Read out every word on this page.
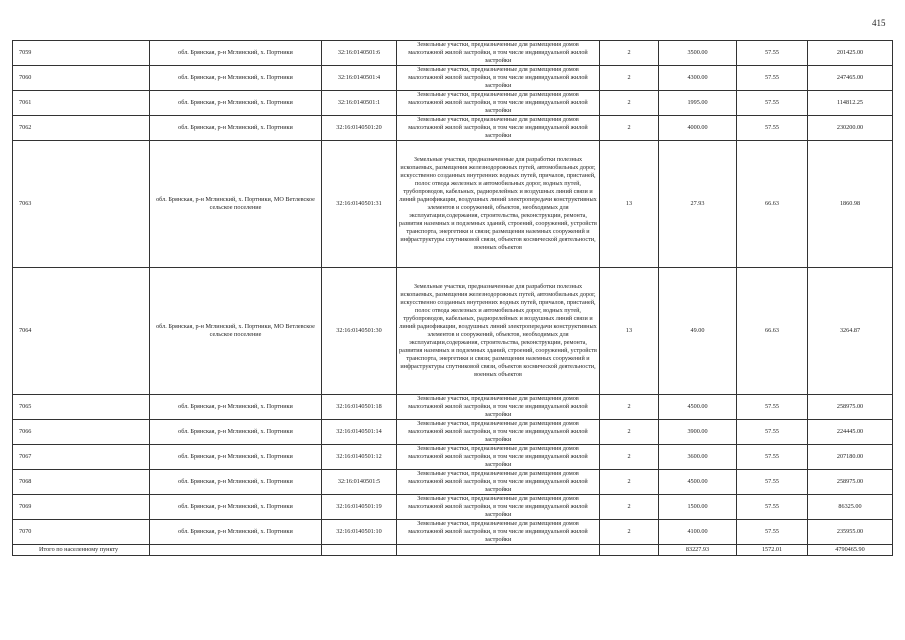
415
7059	обл. Брянская, р-н Мглинский, х. Портники	32:16:0140501:6	Земельные участки, предназначенные для размещения домов малоэтажной жилой застройки, в том числе индивидуальной жилой застройки	2	3500.00	57.55	201425.00
7060	обл. Брянская, р-н Мглинский, х. Портники	32:16:0140501:4	Земельные участки, предназначенные для размещения домов малоэтажной жилой застройки, в том числе индивидуальной жилой застройки	2	4300.00	57.55	247465.00
7061	обл. Брянская, р-н Мглинский, х. Портники	32:16:0140501:1	Земельные участки, предназначенные для размещения домов малоэтажной жилой застройки, в том числе индивидуальной жилой застройки	2	1995.00	57.55	114812.25
7062	обл. Брянская, р-н Мглинский, х. Портники	32:16:0140501:20	Земельные участки, предназначенные для размещения домов малоэтажной жилой застройки, в том числе индивидуальной жилой застройки	2	4000.00	57.55	230200.00
7063	обл. Брянская, р-н Мглинский, х. Портники, МО Ветлевское сельское поселение	32:16:0140501:31	Земельные участки, предназначенные для разработки полезных ископаемых, размещения железнодорожных путей, автомобильных дорог, искусственно созданных внутренних водных путей, причалов, пристаней, полос отвода железных и автомобильных дорог, водных путей, трубопроводов, кабельных, радиорелейных и воздушных линий связи и линий радиофикации, воздушных линий электропередачи конструктивных элементов и сооружений, объектов, необходимых для эксплуатации,содержания, строительства, реконструкции, ремонта, развития наземных и подземных зданий, строений, сооружений, устройств транспорта, энергетики и связи; размещения наземных сооружений и инфраструктуры спутниковой связи, объектов космической деятельности, военных объектов	13	27.93	66.63	1860.98
7064	обл. Брянская, р-н Мглинский, х. Портники, МО Ветлевское сельское поселение	32:16:0140501:30	Земельные участки, предназначенные для разработки полезных ископаемых, размещения железнодорожных путей, автомобильных дорог, искусственно созданных внутренних водных путей, причалов, пристаней, полос отвода железных и автомобильных дорог, водных путей, трубопроводов, кабельных, радиорелейных и воздушных линий связи и линий радиофикации, воздушных линий электропередачи конструктивных элементов и сооружений, объектов, необходимых для эксплуатации,содержания, строительства, реконструкции, ремонта, развития наземных и подземных зданий, строений, сооружений, устройств транспорта, энергетики и связи; размещения наземных сооружений и инфраструктуры спутниковой связи, объектов космической деятельности, военных объектов	13	49.00	66.63	3264.87
7065	обл. Брянская, р-н Мглинский, х. Портники	32:16:0140501:18	Земельные участки, предназначенные для размещения домов малоэтажной жилой застройки, в том числе индивидуальной жилой застройки	2	4500.00	57.55	258975.00
7066	обл. Брянская, р-н Мглинский, х. Портники	32:16:0140501:14	Земельные участки, предназначенные для размещения домов малоэтажной жилой застройки, в том числе индивидуальной жилой застройки	2	3900.00	57.55	224445.00
7067	обл. Брянская, р-н Мглинский, х. Портники	32:16:0140501:12	Земельные участки, предназначенные для размещения домов малоэтажной жилой застройки, в том числе индивидуальной жилой застройки	2	3600.00	57.55	207180.00
7068	обл. Брянская, р-н Мглинский, х. Портники	32:16:0140501:5	Земельные участки, предназначенные для размещения домов малоэтажной жилой застройки, в том числе индивидуальной жилой застройки	2	4500.00	57.55	258975.00
7069	обл. Брянская, р-н Мглинский, х. Портники	32:16:0140501:19	Земельные участки, предназначенные для размещения домов малоэтажной жилой застройки, в том числе индивидуальной жилой застройки	2	1500.00	57.55	86325.00
7070	обл. Брянская, р-н Мглинский, х. Портники	32:16:0140501:10	Земельные участки, предназначенные для размещения домов малоэтажной жилой застройки, в том числе индивидуальной жилой застройки	2	4100.00	57.55	235955.00
Итого по населенному пункту					83227.93	1572.01	4790465.90
